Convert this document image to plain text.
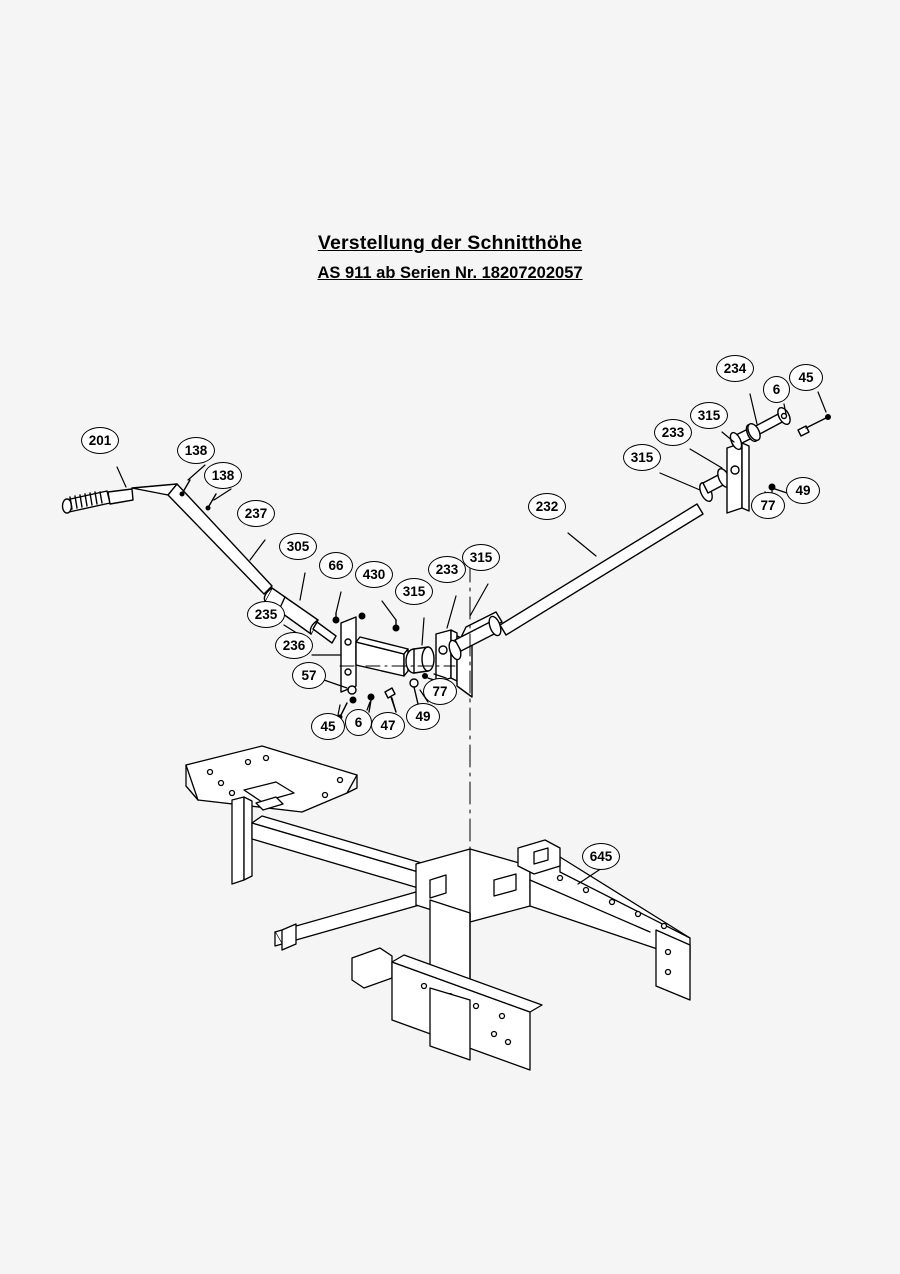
Verstellung der Schnitthöhe
AS 911 ab Serien Nr. 18207202057
201
138
138
237
305
66
430
315
233
315
235
236
57
45 6 47
49
77
232
315
233
315
234
6
45
49
77
645
